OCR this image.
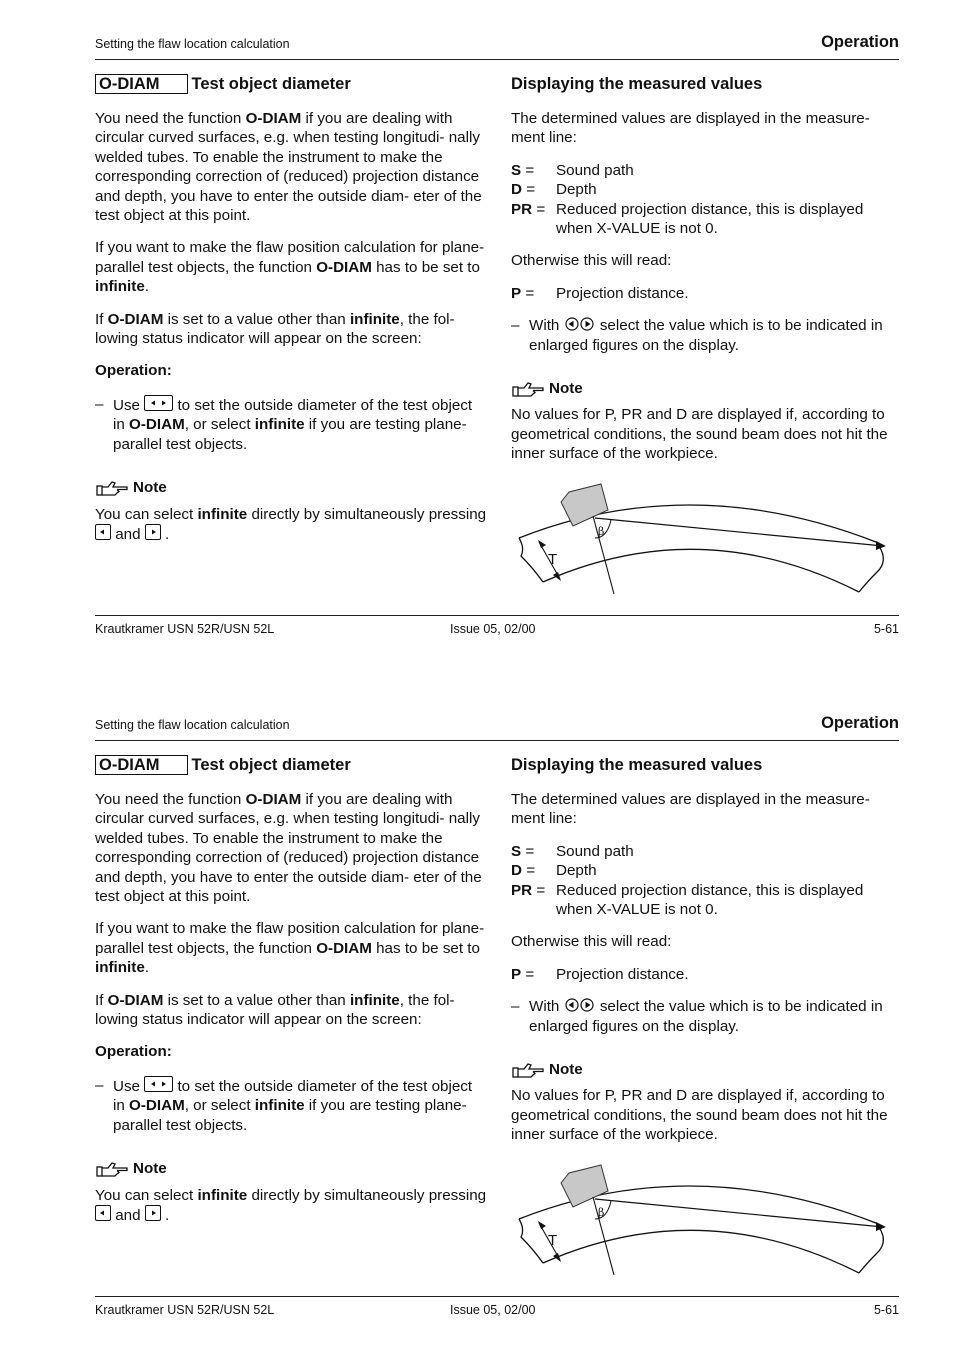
Setting the flaw location calculation	Operation
O-DIAM Test object diameter

You need the function O-DIAM if you are dealing with circular curved surfaces, e.g. when testing longitudi- nally welded tubes. To enable the instrument to make the corresponding correction of (reduced) projection distance and depth, you have to enter the outside diam- eter of the test object at this point.

If you want to make the flaw position calculation for plane-parallel test objects, the function O-DIAM has to be set to infinite.

If O-DIAM is set to a value other than infinite, the fol- lowing status indicator will appear on the screen:

Operation:
– Use
to set the outside diameter of the test object in O-DIAM, or select infinite if you are testing plane-parallel test objects.
Note

You can select infinite directly by simultaneously pressing
and
.

Displaying the measured values

The determined values are displayed in the measure- ment line:

S =	Sound path
D =	Depth
PR = Reduced projection distance, this is displayed when X-VALUE is not 0.

Otherwise this will read:

P =	Projection distance.
– With  select the value which is to be indicated in enlarged figures on the display.
Note

No values for P, PR and D are displayed if, according to geometrical conditions, the sound beam does not hit the inner surface of the workpiece.

β
T
Krautkramer USN 52R/USN 52L	Issue 05, 02/00	5-61
Setting the flaw location calculation	Operation
O-DIAM Test object diameter

You need the function O-DIAM if you are dealing with circular curved surfaces, e.g. when testing longitudi- nally welded tubes. To enable the instrument to make the corresponding correction of (reduced) projection distance and depth, you have to enter the outside diam- eter of the test object at this point.

If you want to make the flaw position calculation for plane-parallel test objects, the function O-DIAM has to be set to infinite.

If O-DIAM is set to a value other than infinite, the fol- lowing status indicator will appear on the screen:

Operation:
– Use
to set the outside diameter of the test object in O-DIAM, or select infinite if you are testing plane-parallel test objects.
Note

You can select infinite directly by simultaneously pressing
and
.

Displaying the measured values

The determined values are displayed in the measure- ment line:

S =	Sound path
D =	Depth
PR = Reduced projection distance, this is displayed when X-VALUE is not 0.

Otherwise this will read:

P =	Projection distance.
– With  select the value which is to be indicated in enlarged figures on the display.
Note

No values for P, PR and D are displayed if, according to geometrical conditions, the sound beam does not hit the inner surface of the workpiece.

β
T
Krautkramer USN 52R/USN 52L	Issue 05, 02/00	5-61
